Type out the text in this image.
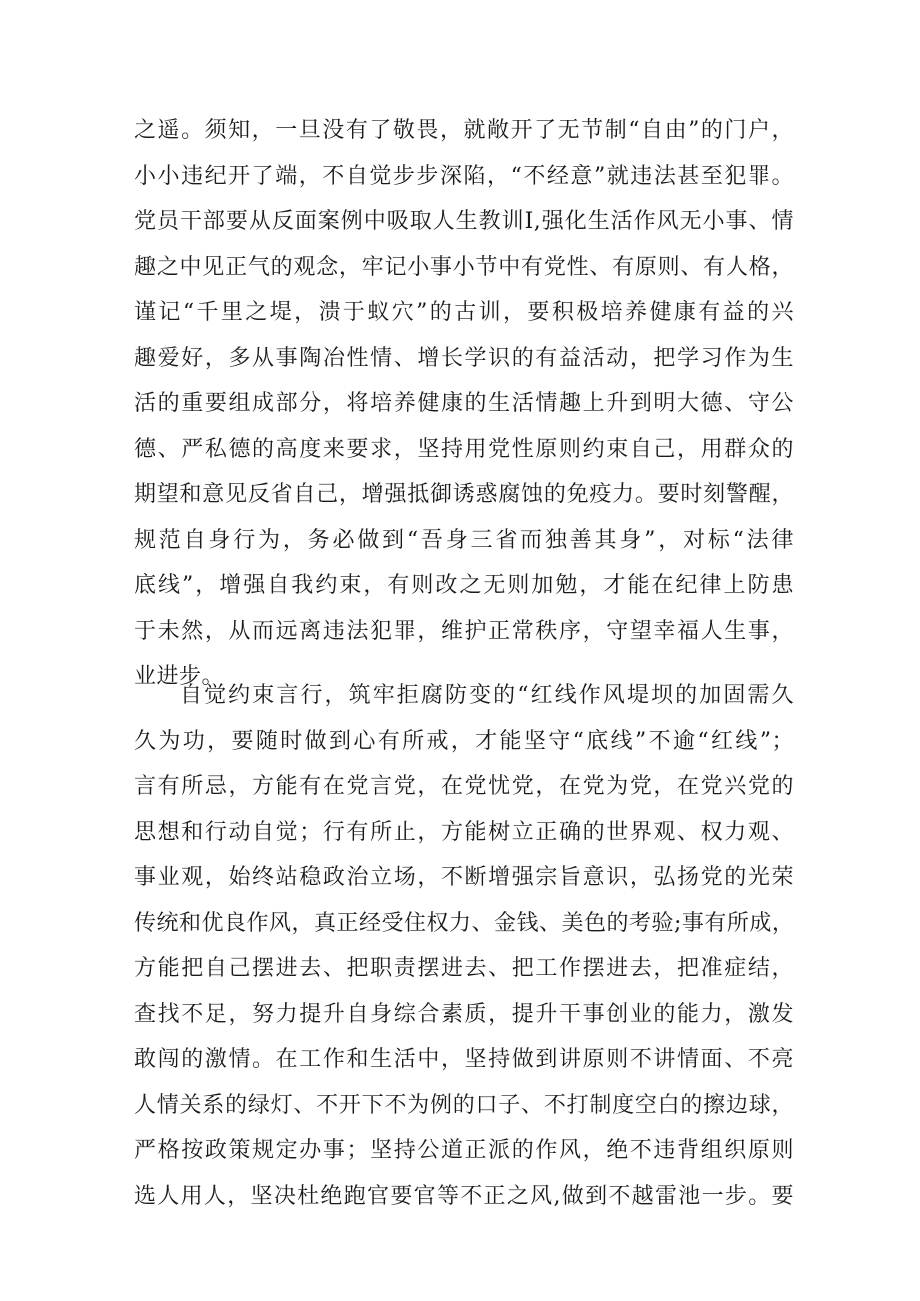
之遥。须知，一旦没有了敬畏，就敞开了无节制“自由”的门户，
小小违纪开了端，不自觉步步深陷，“不经意”就违法甚至犯罪。
党员干部要从反面案例中吸取人生教训I,强化生活作风无小事、情
趣之中见正气的观念，牢记小事小节中有党性、有原则、有人格，
谨记“千里之堤，溃于蚁穴”的古训，要积极培养健康有益的兴
趣爱好，多从事陶冶性情、增长学识的有益活动，把学习作为生
活的重要组成部分，将培养健康的生活情趣上升到明大德、守公
德、严私德的高度来要求，坚持用党性原则约束自己，用群众的
期望和意见反省自己，增强抵御诱惑腐蚀的免疫力。要时刻警醒，
规范自身行为，务必做到“吾身三省而独善其身”，对标“法律
底线”，增强自我约束，有则改之无则加勉，才能在纪律上防患
于未然，从而远离违法犯罪，维护正常秩序，守望幸福人生事，
业进步。
自觉约束言行，筑牢拒腐防变的“红线作风堤坝的加固需久
久为功，要随时做到心有所戒，才能坚守“底线”不逾“红线”；
言有所忌，方能有在党言党，在党忧党，在党为党，在党兴党的
思想和行动自觉；行有所止，方能树立正确的世界观、权力观、
事业观，始终站稳政治立场，不断增强宗旨意识，弘扬党的光荣
传统和优良作风，真正经受住权力、金钱、美色的考验;事有所成，
方能把自己摆进去、把职责摆进去、把工作摆进去，把准症结，
查找不足，努力提升自身综合素质，提升干事创业的能力，激发
敢闯的激情。在工作和生活中，坚持做到讲原则不讲情面、不亮
人情关系的绿灯、不开下不为例的口子、不打制度空白的擦边球，
严格按政策规定办事；坚持公道正派的作风，绝不违背组织原则
选人用人，坚决杜绝跑官要官等不正之风,做到不越雷池一步。要
